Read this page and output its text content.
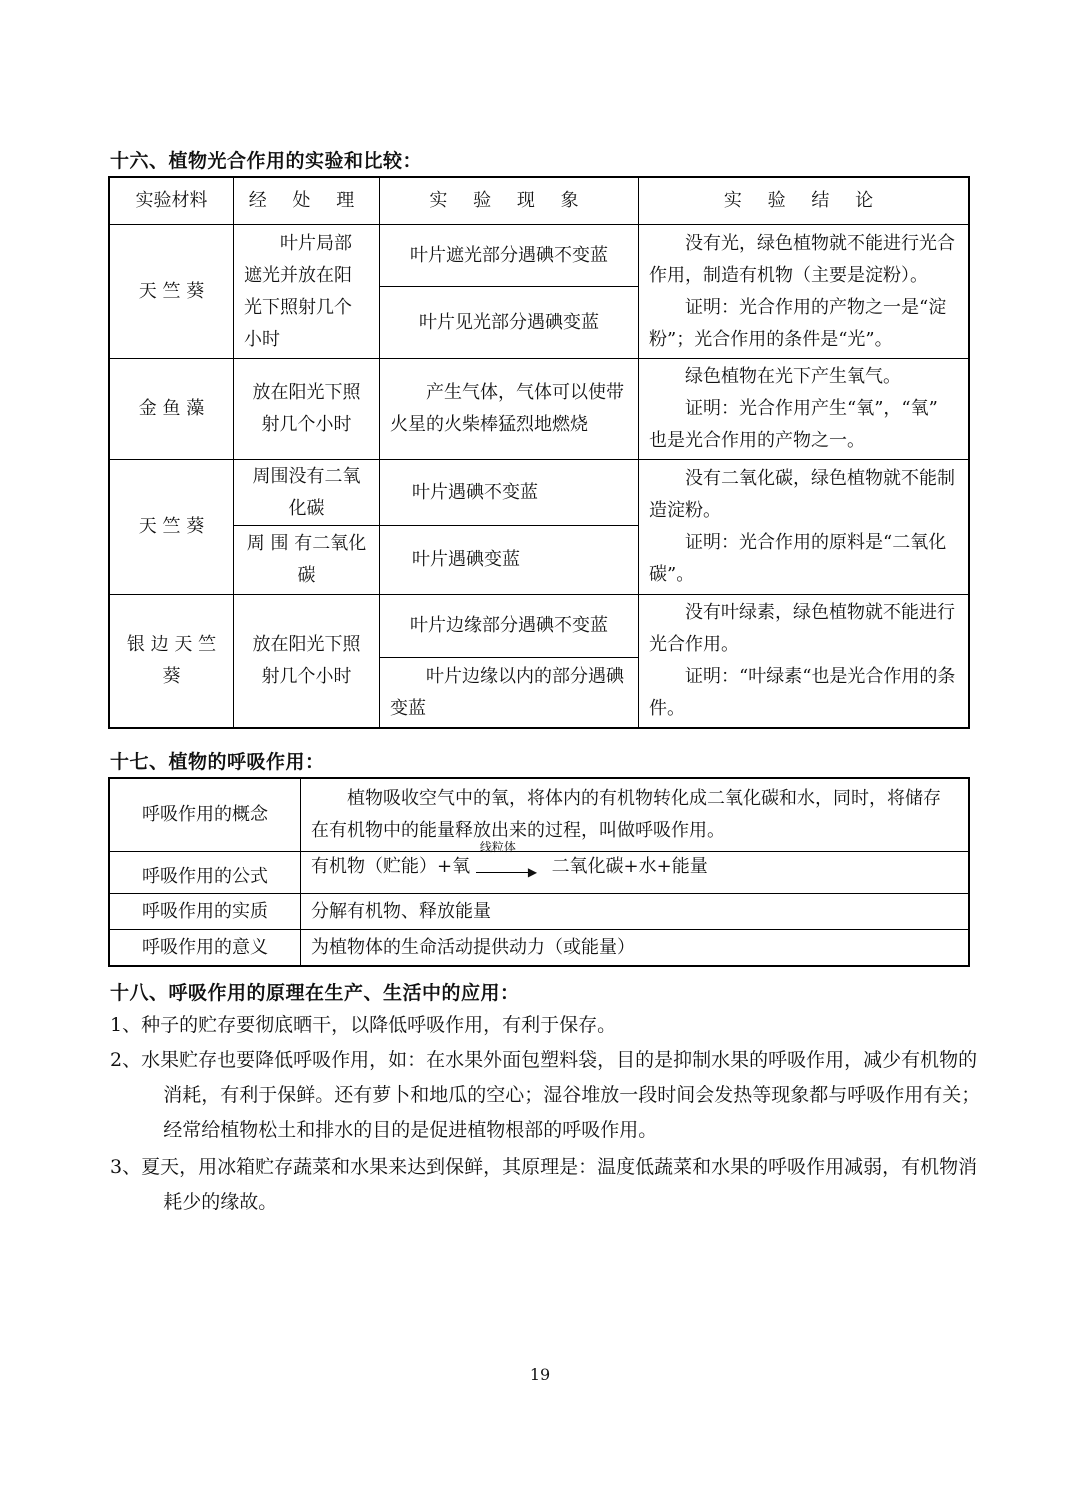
十六、植物光合作用的实验和比较：
实验材料	经 处 理	实 验 现 象	实 验 结 论
天 竺 葵	叶片局部遮光并放在阳光下照射几个小时	叶片遮光部分遇碘不变蓝	没有光，绿色植物就不能进行光合作用，制造有机物（主要是淀粉）。

证明：光合作用的产物之一是“淀粉”；光合作用的条件是“光”。

		叶片见光部分遇碘变蓝	
金 鱼 藻	放在阳光下照射几个小时	产生气体，气体可以使带火星的火柴棒猛烈地燃烧	绿色植物在光下产生氧气。

证明：光合作用产生“氧”，“氧” 也是光合作用的产物之一。

天 竺 葵	周围没有二氧化碳	叶片遇碘不变蓝	没有二氧化碳，绿色植物就不能制造淀粉。

证明：光合作用的原料是“二氧化碳”。

	周 围 有二氧化碳	叶片遇碘变蓝	
银 边 天 竺 葵	放在阳光下照射几个小时	叶片边缘部分遇碘不变蓝	没有叶绿素，绿色植物就不能进行光合作用。

证明：“叶绿素“也是光合作用的条件。

		叶片边缘以内的部分遇碘变蓝	
十七、植物的呼吸作用：
呼吸作用的概念	植物吸收空气中的氧，将体内的有机物转化成二氧化碳和水，同时，将储存在有机物中的能量释放出来的过程，叫做呼吸作用。
呼吸作用的公式	有机物（贮能）+氧
线粒体
▶ 二氧化碳+水+能量
呼吸作用的实质	分解有机物、释放能量
呼吸作用的意义	为植物体的生命活动提供动力（或能量）
十八、呼吸作用的原理在生产、生活中的应用：
1、种子的贮存要彻底晒干，以降低呼吸作用，有利于保存。
2、水果贮存也要降低呼吸作用，如：在水果外面包塑料袋，目的是抑制水果的呼吸作用，减少有机物的消耗，有利于保鲜。还有萝卜和地瓜的空心；湿谷堆放一段时间会发热等现象都与呼吸作用有关；经常给植物松土和排水的目的是促进植物根部的呼吸作用。
3、夏天，用冰箱贮存蔬菜和水果来达到保鲜，其原理是：温度低蔬菜和水果的呼吸作用减弱，有机物消耗少的缘故。
19
